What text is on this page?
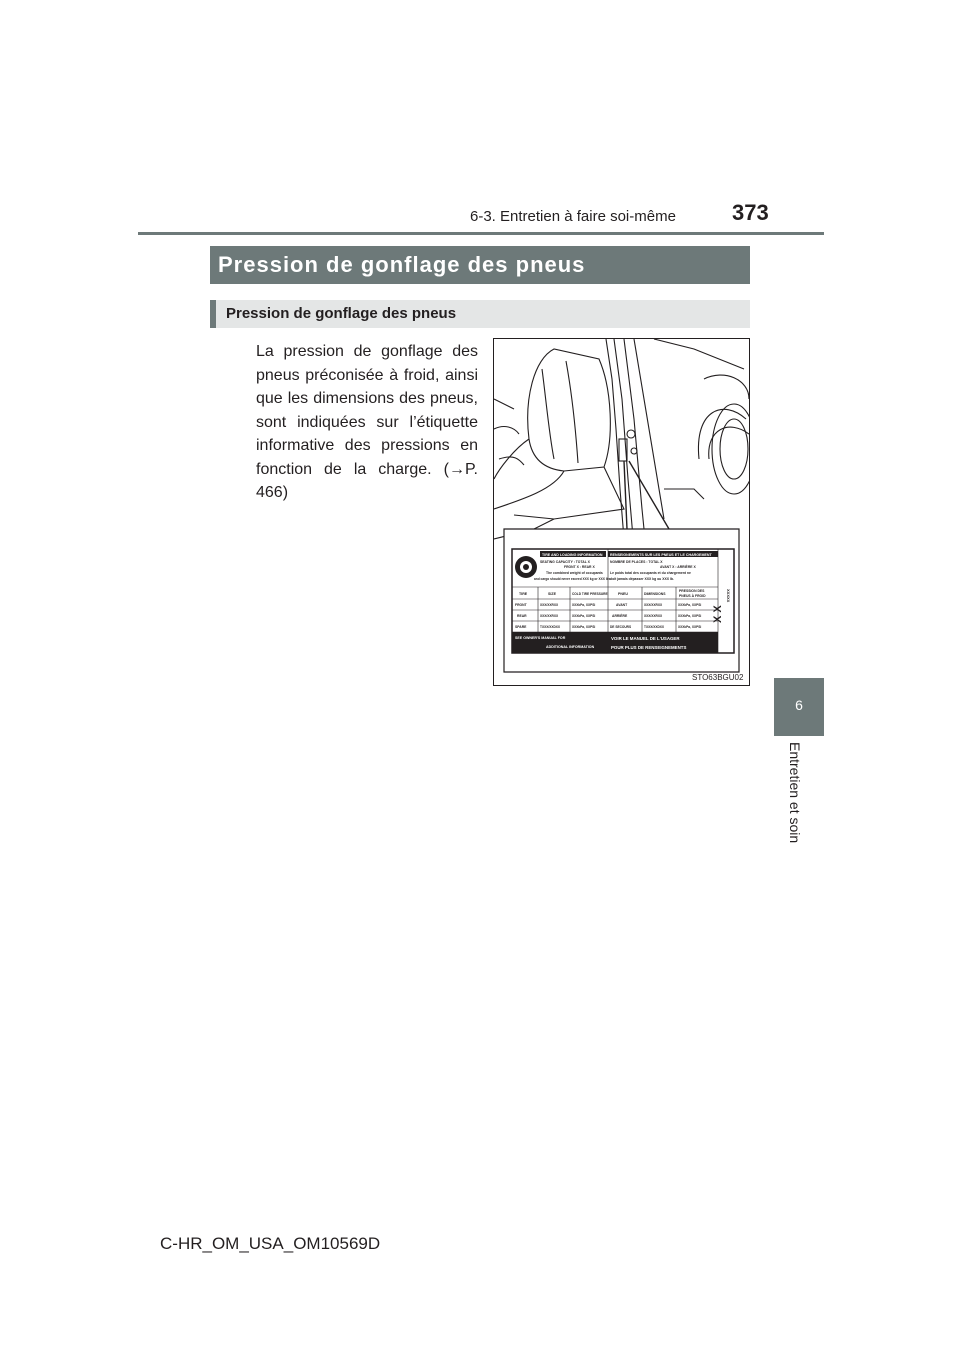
6-3. Entretien à faire soi-même	373
6
Entretien et soin
Pression de gonflage des pneus
Pression de gonflage des pneus
La pression de gonflage des pneus préconisée à froid, ainsi que les dimensions des pneus, sont indiquées sur l’étiquette informative des pressions en fonction de la charge. (→P. 466)
TIRE AND LOADING INFORMATION RENSEIGNEMENTS SUR LES PNEUS ET LE CHARGEMENT
SEATING CAPACITY : TOTAL X
FRONT X : REAR X
The combined weight of occupants
and cargo should never exceed XXX kg or XXX lbs.
NOMBRE DE PLACES : TOTAL X
AVANT X : ARRIÈRE X
Le poids total des occupants et du chargement ne
doit jamais dépasser XXX kg ou XXX lb.
TIRE	SIZE	COLD TIRE PRESSURE	PNEU	DIMENSIONS
PRESSION DES
PNEUS À FROID
FRONT	XXX/XXRXX	XXXkPa, XXPSI	AVANT	XXX/XXRXX	XXXkPa, XXPSI
REAR	XXX/XXRXX	XXXkPa, XXPSI	ARRIÈRE	XXX/XXRXX	XXXkPa, XXPSI
SPARE	TXXX/XXDXX	XXXkPa, XXPSI	DE SECOURS	TXXX/XXDXX	XXXkPa, XXPSI
SEE OWNER'S MANUAL FOR
ADDITIONAL INFORMATION
VOIR LE MANUEL DE L'USAGER
POUR PLUS DE RENSEIGNEMENTS
XXXXX
X X
STO63BGU02
C-HR_OM_USA_OM10569D
